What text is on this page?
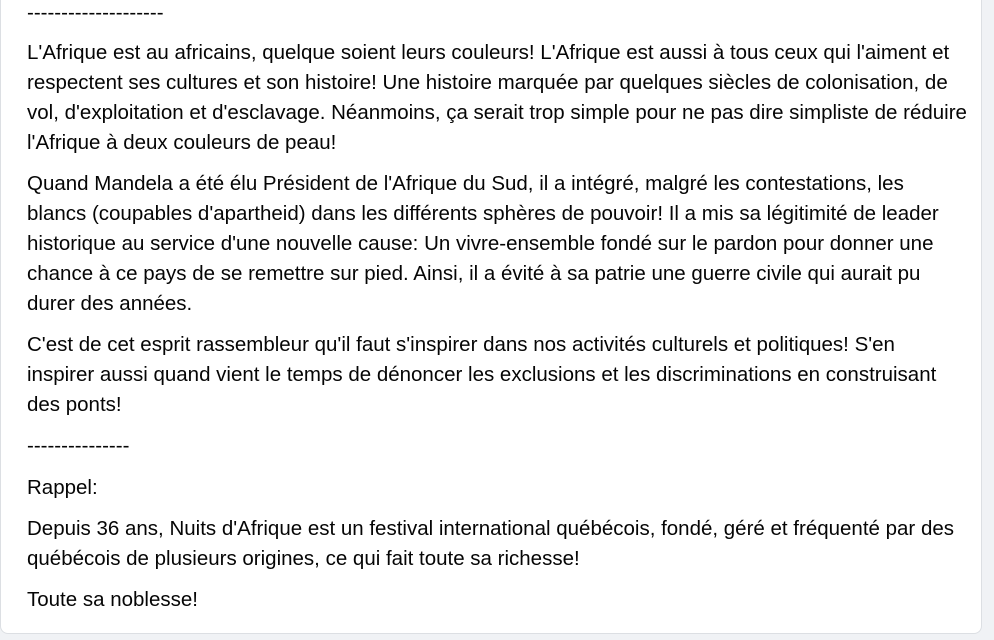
--------------------

L'Afrique est au africains, quelque soient leurs couleurs! L'Afrique est aussi à tous ceux qui l'aiment et respectent ses cultures et son histoire! Une histoire marquée par quelques siècles de colonisation, de vol, d'exploitation et d'esclavage. Néanmoins, ça serait trop simple pour ne pas dire simpliste de réduire l'Afrique à deux couleurs de peau!

Quand Mandela a été élu Président de l'Afrique du Sud, il a intégré, malgré les contestations, les blancs (coupables d'apartheid) dans les différents sphères de pouvoir! Il a mis sa légitimité de leader historique au service d'une nouvelle cause: Un vivre-ensemble fondé sur le pardon pour donner une chance à ce pays de se remettre sur pied. Ainsi, il a évité à sa patrie une guerre civile qui aurait pu durer des années.

C'est de cet esprit rassembleur qu'il faut s'inspirer dans nos activités culturels et politiques! S'en inspirer aussi quand vient le temps de dénoncer les exclusions et les discriminations en construisant des ponts!

---------------

Rappel:

Depuis 36 ans, Nuits d'Afrique est un festival international québécois, fondé, géré et fréquenté par des québécois de plusieurs origines, ce qui fait toute sa richesse!

Toute sa noblesse!
